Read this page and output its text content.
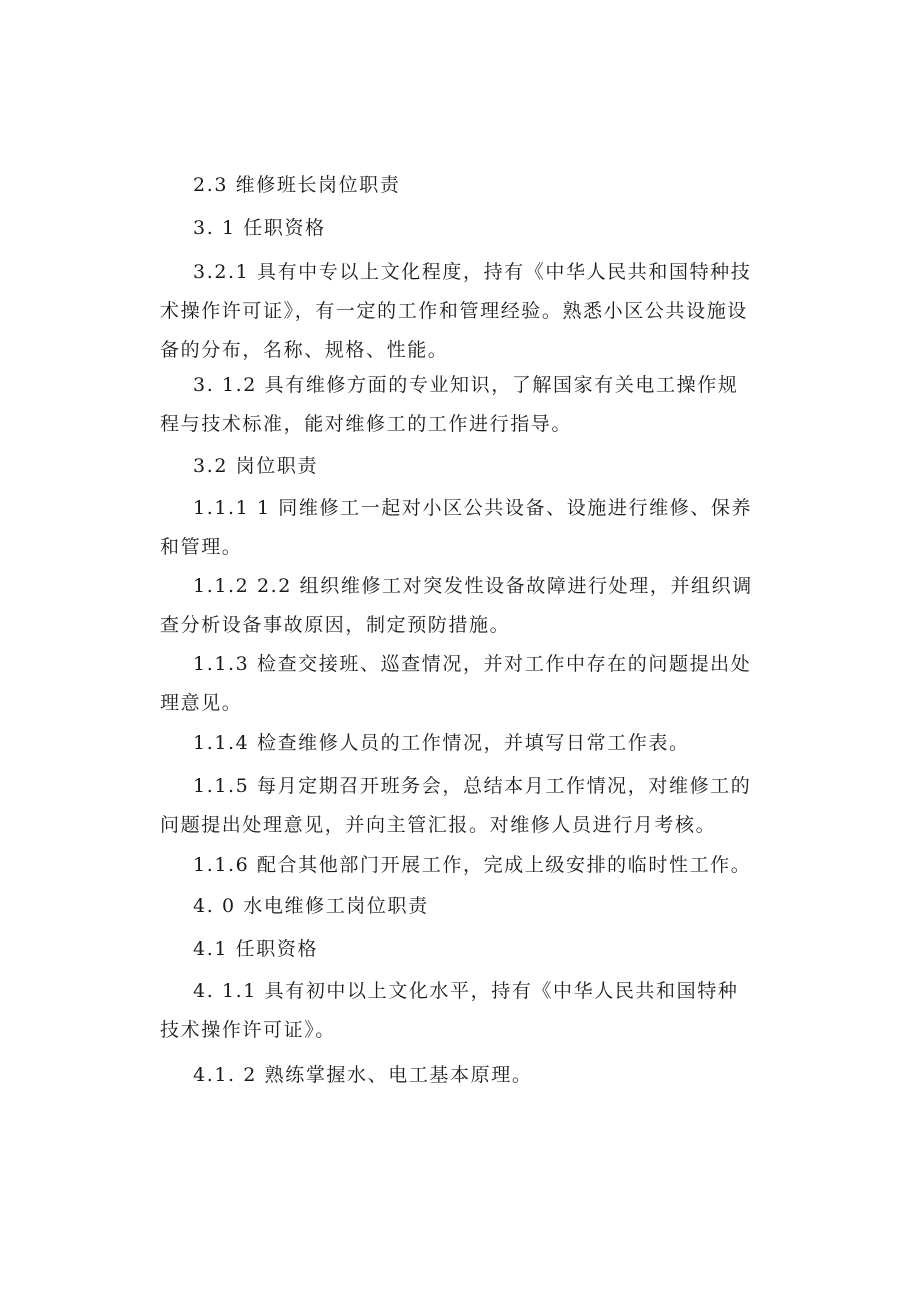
2.3 维修班长岗位职责

3. 1 任职资格

3.2.1 具有中专以上文化程度，持有《中华人民共和国特种技术操作许可证》，有一定的工作和管理经验。熟悉小区公共设施设备的分布，名称、规格、性能。

3. 1.2 具有维修方面的专业知识，了解国家有关电工操作规程与技术标准，能对维修工的工作进行指导。

3.2 岗位职责

1.1.1 1 同维修工一起对小区公共设备、设施进行维修、保养和管理。

1.1.2 2.2 组织维修工对突发性设备故障进行处理，并组织调查分析设备事故原因，制定预防措施。

1.1.3 检查交接班、巡查情况，并对工作中存在的问题提出处理意见。

1.1.4 检查维修人员的工作情况，并填写日常工作表。

1.1.5 每月定期召开班务会，总结本月工作情况，对维修工的问题提出处理意见，并向主管汇报。对维修人员进行月考核。

1.1.6 配合其他部门开展工作，完成上级安排的临时性工作。

4. 0 水电维修工岗位职责

4.1 任职资格

4. 1.1 具有初中以上文化水平，持有《中华人民共和国特种技术操作许可证》。

4.1. 2 熟练掌握水、电工基本原理。
